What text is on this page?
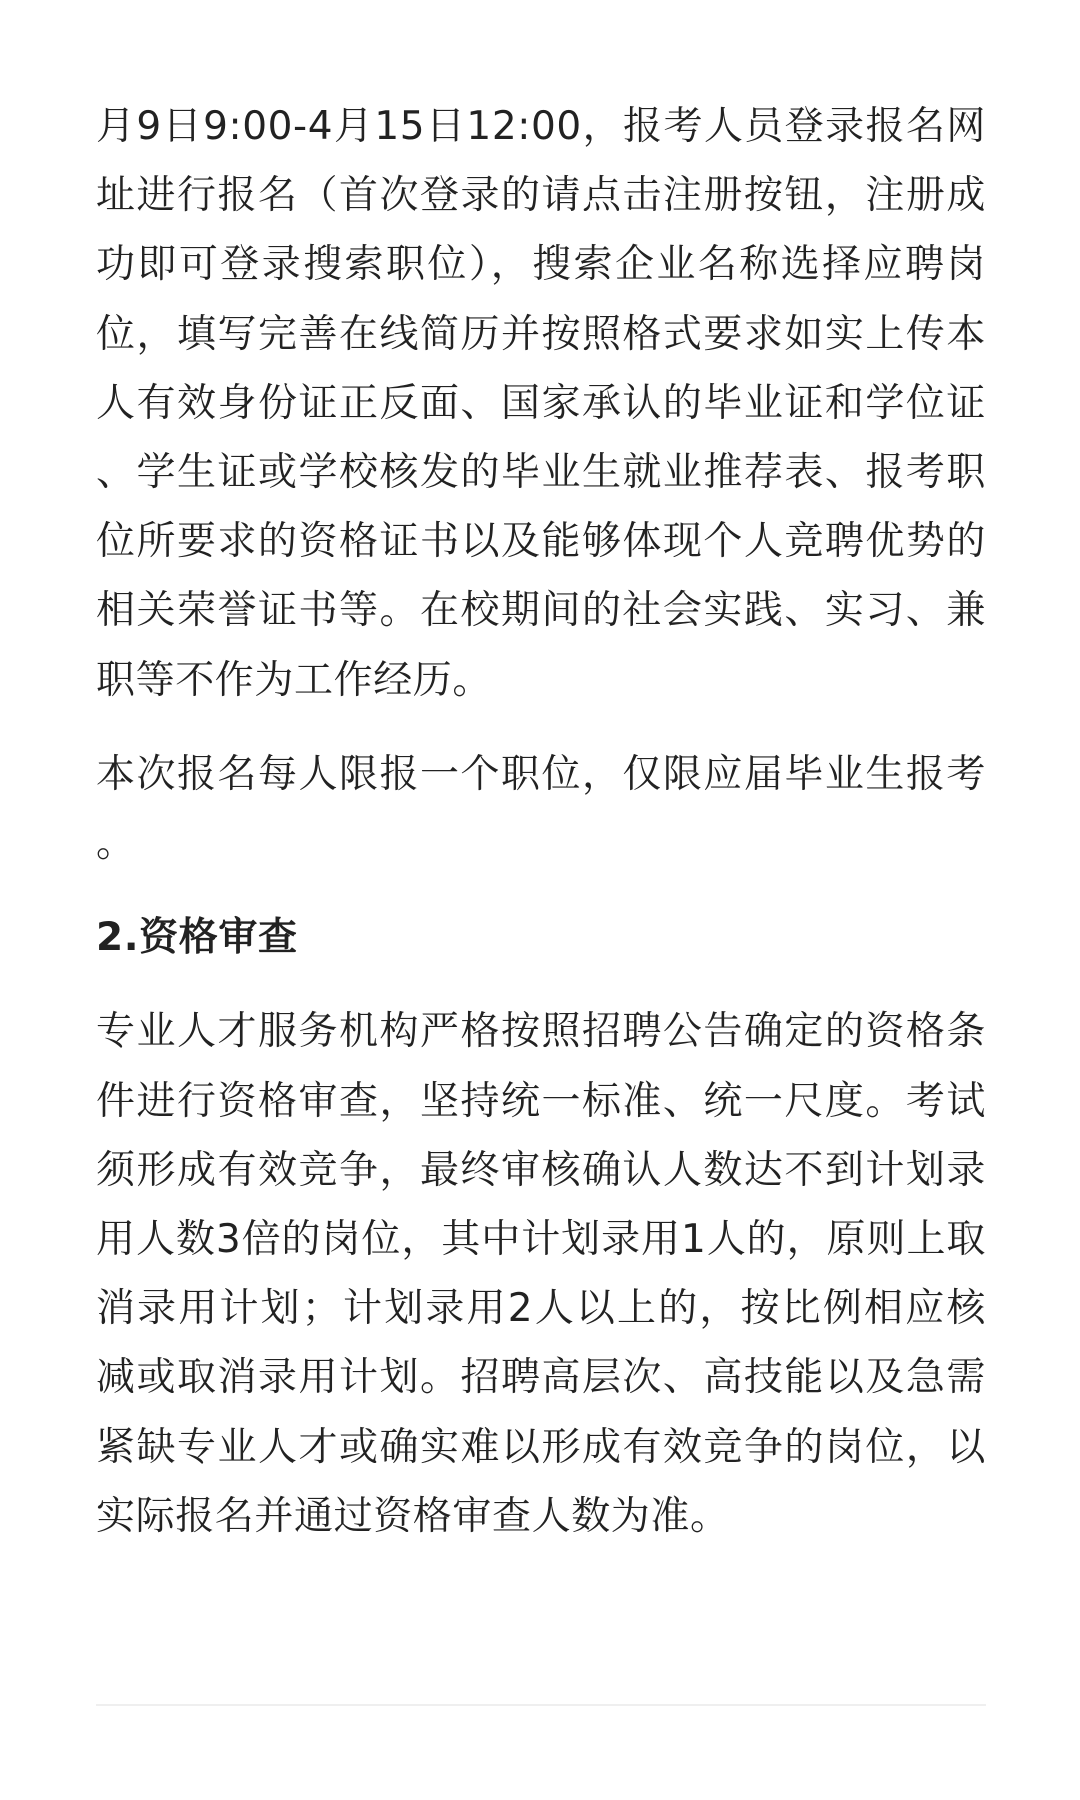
月9日9:00-4月15日12:00，报考人员登录报名网址进行报名（首次登录的请点击注册按钮，注册成功即可登录搜索职位），搜索企业名称选择应聘岗位，填写完善在线简历并按照格式要求如实上传本人有效身份证正反面、国家承认的毕业证和学位证、学生证或学校核发的毕业生就业推荐表、报考职位所要求的资格证书以及能够体现个人竞聘优势的相关荣誉证书等。在校期间的社会实践、实习、兼职等不作为工作经历。

本次报名每人限报一个职位，仅限应届毕业生报考。

2.资格审查

专业人才服务机构严格按照招聘公告确定的资格条件进行资格审查，坚持统一标准、统一尺度。考试须形成有效竞争，最终审核确认人数达不到计划录用人数3倍的岗位，其中计划录用1人的，原则上取消录用计划；计划录用2人以上的，按比例相应核减或取消录用计划。招聘高层次、高技能以及急需紧缺专业人才或确实难以形成有效竞争的岗位，以实际报名并通过资格审查人数为准。
